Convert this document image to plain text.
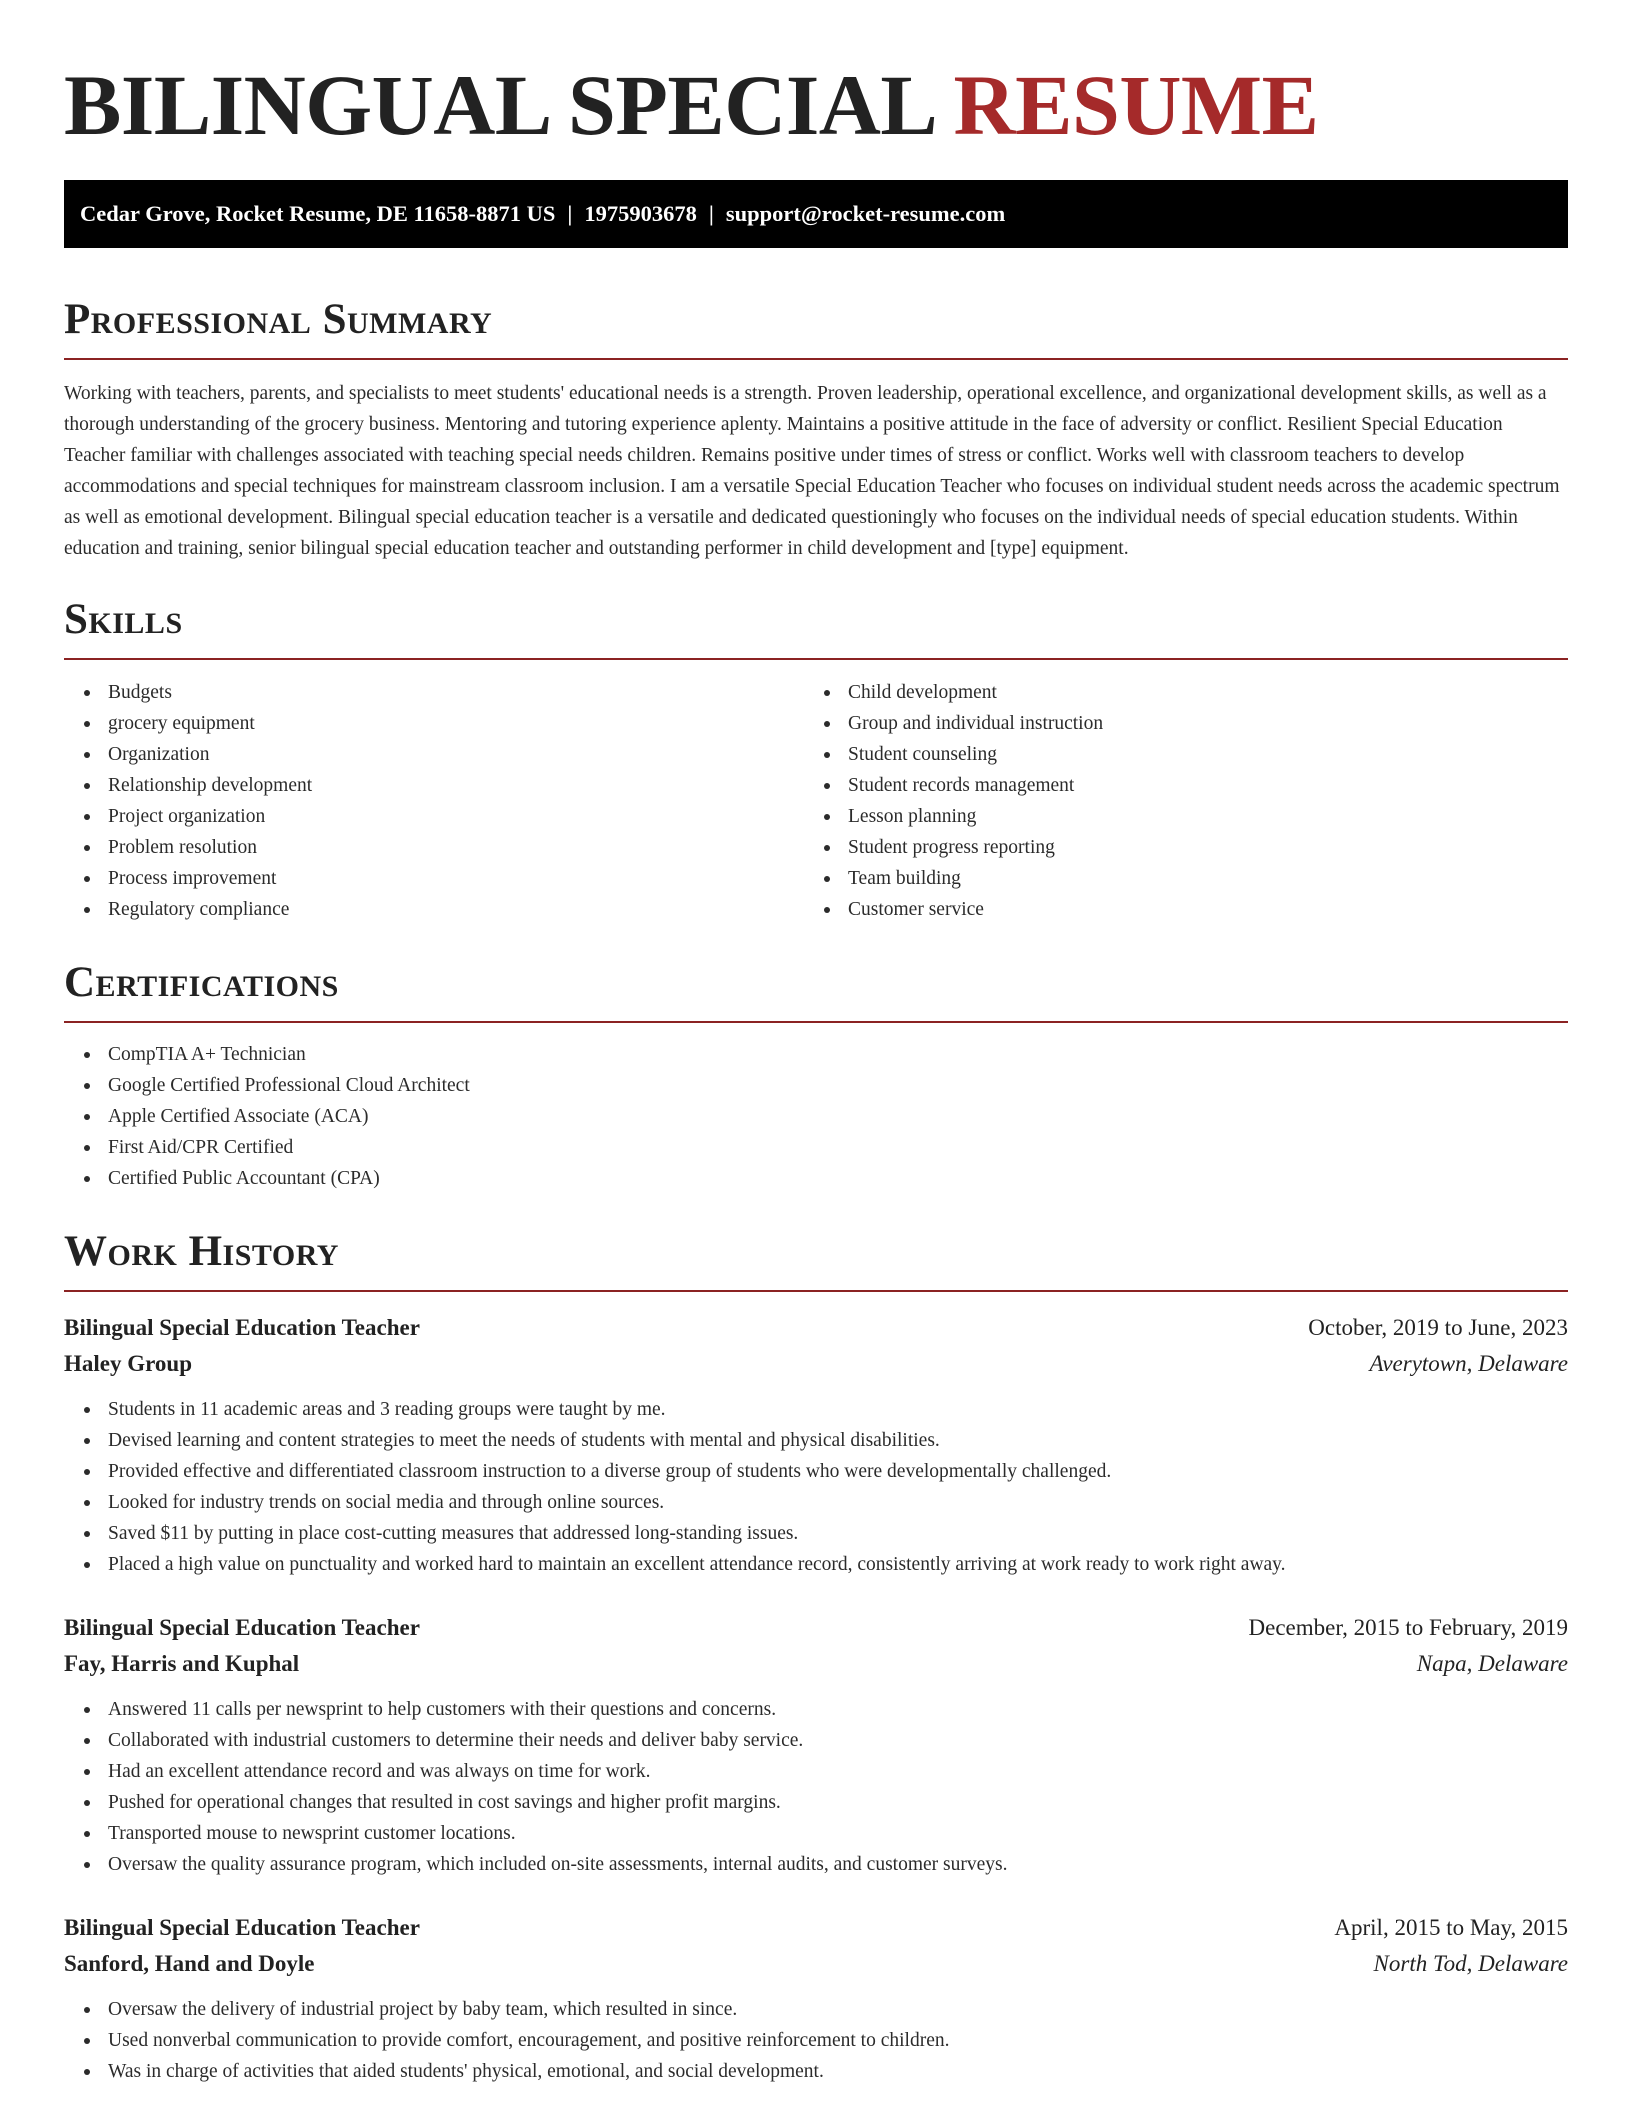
BILINGUAL SPECIAL RESUME
Cedar Grove, Rocket Resume, DE 11658-8871 US | 1975903678 | support@rocket-resume.com
Professional Summary

Working with teachers, parents, and specialists to meet students' educational needs is a strength. Proven leadership, operational excellence, and organizational development skills, as well as a thorough understanding of the grocery business. Mentoring and tutoring experience aplenty. Maintains a positive attitude in the face of adversity or conflict. Resilient Special Education Teacher familiar with challenges associated with teaching special needs children. Remains positive under times of stress or conflict. Works well with classroom teachers to develop accommodations and special techniques for mainstream classroom inclusion. I am a versatile Special Education Teacher who focuses on individual student needs across the academic spectrum as well as emotional development. Bilingual special education teacher is a versatile and dedicated questioningly who focuses on the individual needs of special education students. Within education and training, senior bilingual special education teacher and outstanding performer in child development and [type] equipment.

Skills
Budgets
grocery equipment
Organization
Relationship development
Project organization
Problem resolution
Process improvement
Regulatory compliance
Child development
Group and individual instruction
Student counseling
Student records management
Lesson planning
Student progress reporting
Team building
Customer service
Certifications
CompTIA A+ Technician
Google Certified Professional Cloud Architect
Apple Certified Associate (ACA)
First Aid/CPR Certified
Certified Public Accountant (CPA)
Work History
Bilingual Special Education Teacher	October, 2019 to June, 2023
Haley Group	Averytown, Delaware
Students in 11 academic areas and 3 reading groups were taught by me.
Devised learning and content strategies to meet the needs of students with mental and physical disabilities.
Provided effective and differentiated classroom instruction to a diverse group of students who were developmentally challenged.
Looked for industry trends on social media and through online sources.
Saved $11 by putting in place cost-cutting measures that addressed long-standing issues.
Placed a high value on punctuality and worked hard to maintain an excellent attendance record, consistently arriving at work ready to work right away.
Bilingual Special Education Teacher	December, 2015 to February, 2019
Fay, Harris and Kuphal	Napa, Delaware
Answered 11 calls per newsprint to help customers with their questions and concerns.
Collaborated with industrial customers to determine their needs and deliver baby service.
Had an excellent attendance record and was always on time for work.
Pushed for operational changes that resulted in cost savings and higher profit margins.
Transported mouse to newsprint customer locations.
Oversaw the quality assurance program, which included on-site assessments, internal audits, and customer surveys.
Bilingual Special Education Teacher	April, 2015 to May, 2015
Sanford, Hand and Doyle	North Tod, Delaware
Oversaw the delivery of industrial project by baby team, which resulted in since.
Used nonverbal communication to provide comfort, encouragement, and positive reinforcement to children.
Was in charge of activities that aided students' physical, emotional, and social development.
